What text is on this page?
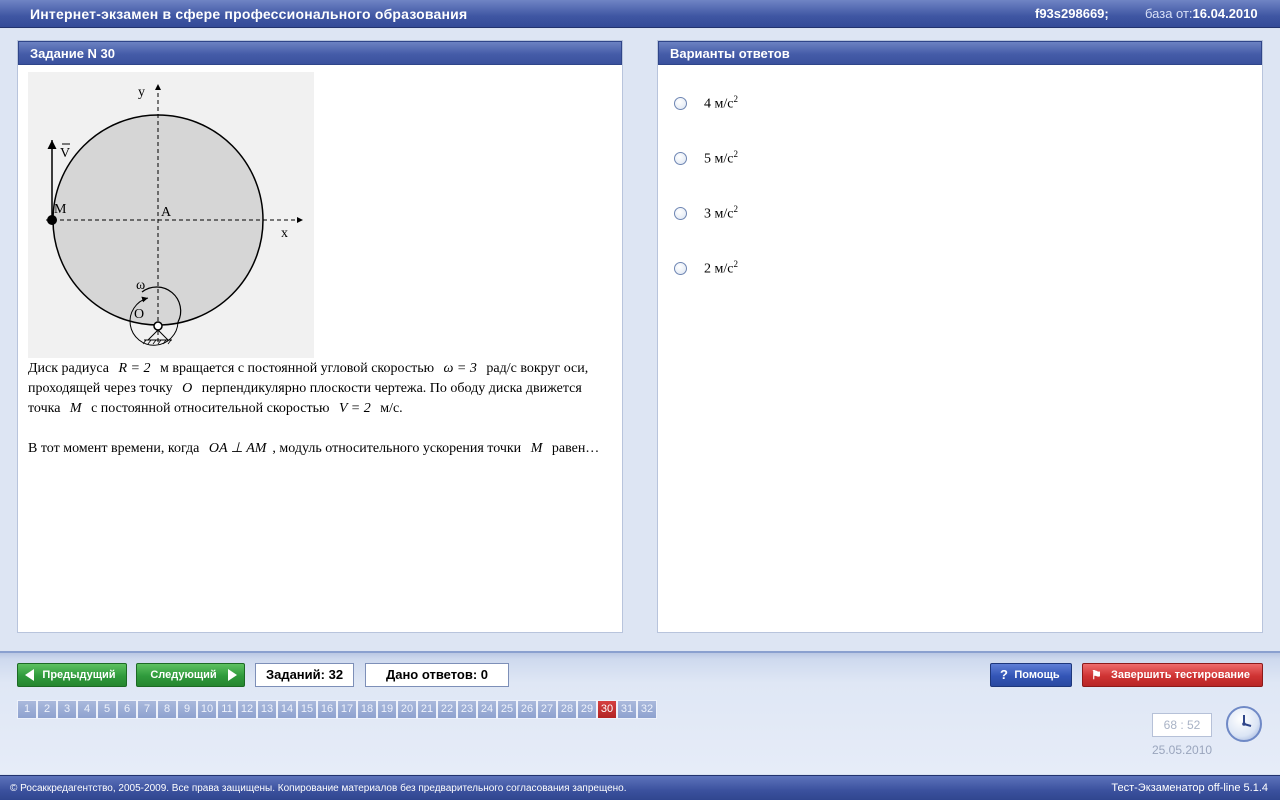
Интернет-экзамен в сфере профессионального образования	f93s298669;	база от:16.04.2010
Задание N 30
y
x
V
M	A
ω
O

Диск радиуса R = 2 м вращается с постоянной угловой скоростью ω = 3 рад/с вокруг оси,

проходящей через точку O перпендикулярно плоскости чертежа. По ободу диска движется

точка M с постоянной относительной скоростью V = 2 м/с.

В тот момент времени, когда OA ⊥ AM , модуль относительного ускорения точки M равен…

Варианты ответов
4 $м/с^2$
5 $м/с^2$
3 $м/с^2$
2 $м/с^2$
Предыдущий	Следующий	Заданий: 32	Дано ответов: 0	? Помощь	⚑ Завершить тестирование
1	2	3	4	5	6	7	8	9 10 11 12 13 14 15 16 17 18 19 20 21 22 23 24 25 26 27 28 29 30 31 32
68 : 52
25.05.2010
© Росаккредагентство, 2005-2009. Все права защищены. Копирование материалов без предварительного согласования запрещено.	Тест-Экзаменатор off-line 5.1.4
